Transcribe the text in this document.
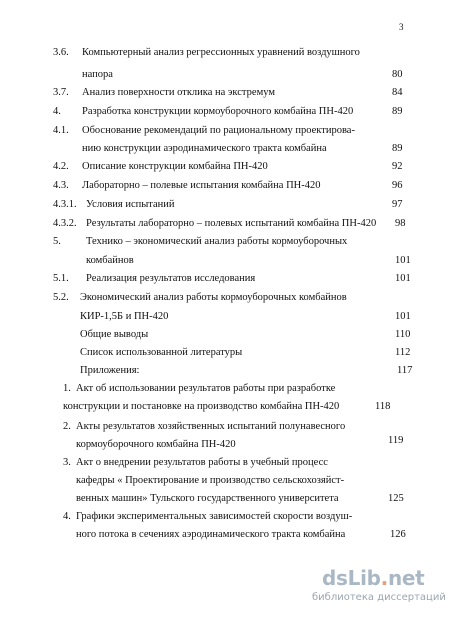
3
3.6. Компьютерный анализ регрессионных уравнений воздушного
напора	80
3.7. Анализ поверхности отклика на экстремум	84
4. Разработка конструкции кормоуборочного комбайна ПН-420	89
4.1. Обоснование рекомендаций по рациональному проектирова-
нию конструкции аэродинамического тракта комбайна	89
4.2. Описание конструкции комбайна ПН-420	92
4.3. Лабораторно – полевые испытания комбайна ПН-420	96
4.3.1. Условия испытаний	97
4.3.2. Результаты лабораторно – полевых испытаний комбайна ПН-420 98
5. Технико – экономический анализ работы кормоуборочных
комбайнов	101
5.1. Реализация результатов исследования	101
5.2. Экономический анализ работы кормоуборочных комбайнов
КИР-1,5Б и ПН-420	101
Общие выводы	110
Список использованной литературы	112
Приложения:	117
1. Акт об использовании результатов работы при разработке
конструкции и постановке на производство комбайна ПН-420	118
2. Акты результатов хозяйственных испытаний полунавесного
кормоуборочного комбайна ПН-420	119
3. Акт о внедрении результатов работы в учебный процесс
кафедры « Проектирование и производство сельскохозяйст-
венных машин» Тульского государственного университета	125
4. Графики экспериментальных зависимостей скорости воздуш-
ного потока в сечениях аэродинамического тракта комбайна	126
dsLib.net
библиотека диссертаций
